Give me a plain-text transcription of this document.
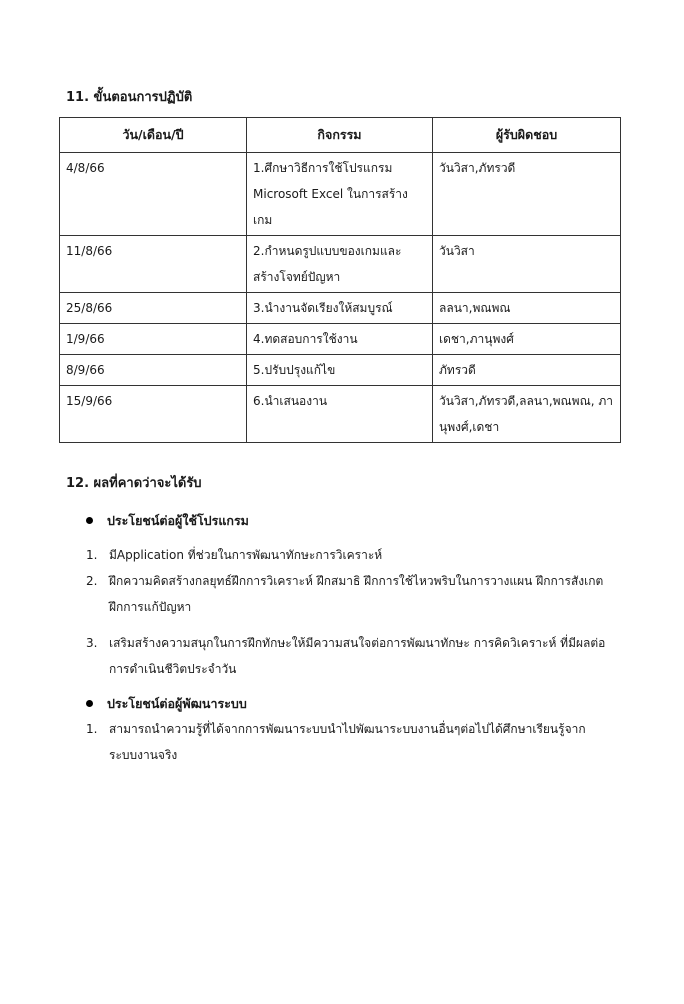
11. ขั้นตอนการปฏิบัติ
วัน/เดือน/ปี	กิจกรรม	ผู้รับผิดชอบ
4/8/66	1.ศึกษาวิธีการใช้โปรแกรม Microsoft Excel ในการสร้างเกม	วันวิสา,ภัทรวดี
11/8/66	2.กำหนดรูปแบบของเกมและสร้างโจทย์ปัญหา	วันวิสา
25/8/66	3.นำงานจัดเรียงให้สมบูรณ์	ลลนา,พณพณ
1/9/66	4.ทดสอบการใช้งาน	เดชา,ภานุพงศ์
8/9/66	5.ปรับปรุงแก้ไข	ภัทรวดี
15/9/66	6.นำเสนองาน	วันวิสา,ภัทรวดี,ลลนา,พณพณ, ภานุพงศ์,เดชา
12. ผลที่คาดว่าจะได้รับ

ประโยชน์ต่อผู้ใช้โปรแกรม

1. มีApplication ที่ช่วยในการพัฒนาทักษะการวิเคราะห์
2. ฝึกความคิดสร้างกลยุทธ์ฝึกการวิเคราะห์ ฝึกสมาธิ ฝึกการใช้ไหวพริบในการวางแผน ฝึกการสังเกต ฝึกการแก้ปัญหา
3. เสริมสร้างความสนุกในการฝึกทักษะให้มีความสนใจต่อการพัฒนาทักษะ การคิดวิเคราะห์ ที่มีผลต่อการดำเนินชีวิตประจำวัน

ประโยชน์ต่อผู้พัฒนาระบบ

1. สามารถนำความรู้ที่ได้จากการพัฒนาระบบนำไปพัฒนาระบบงานอื่นๆต่อไปได้ศึกษาเรียนรู้จากระบบงานจริง
